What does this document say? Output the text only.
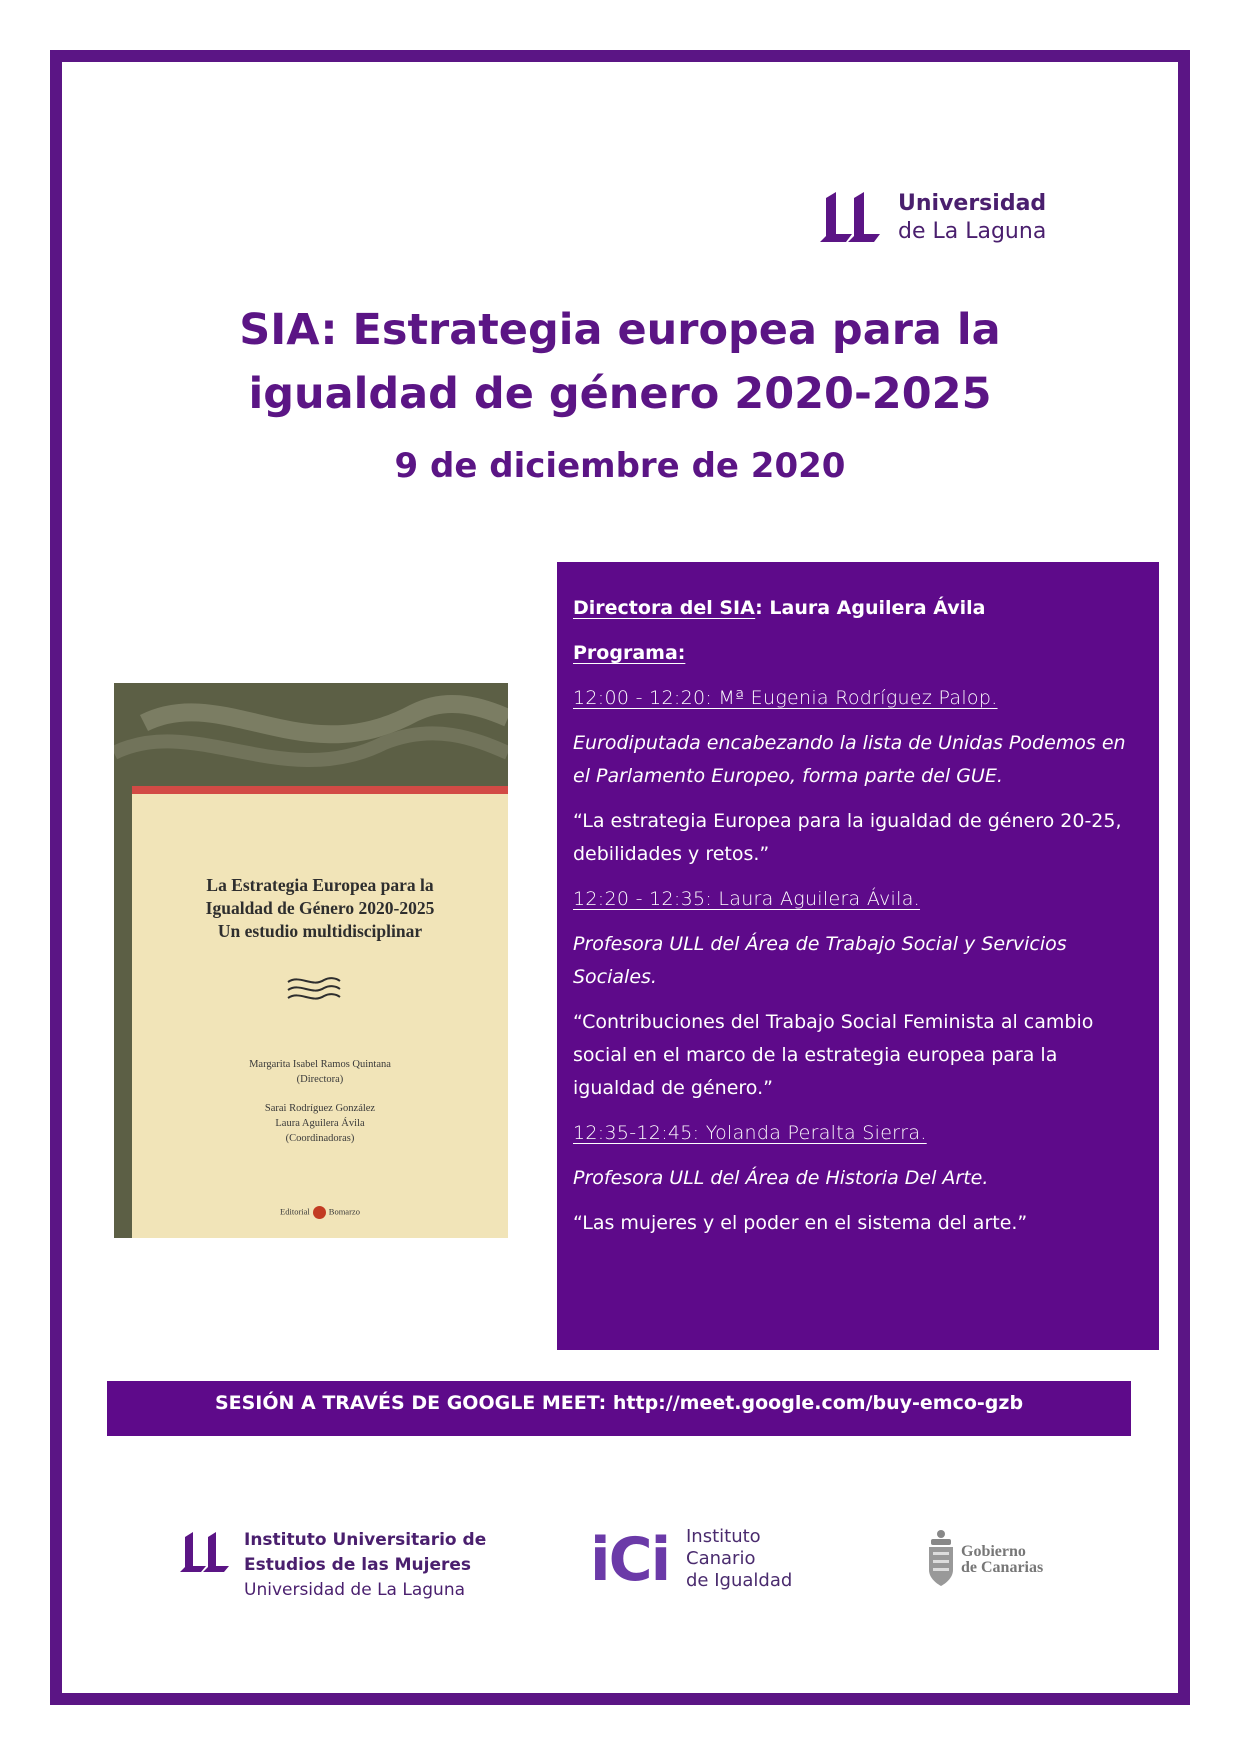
Universidad
de La Laguna
SIA: Estrategia europea para la
igualdad de género 2020-2025
9 de diciembre de 2020
La Estrategia Europea para la
Igualdad de Género 2020-2025
Un estudio multidisciplinar
Margarita Isabel Ramos Quintana
(Directora)
Sarai Rodríguez González
Laura Aguilera Ávila
(Coordinadoras)
Editorial Bomarzo

Directora del SIA: Laura Aguilera Ávila

Programa:

12:00 - 12:20: Mª Eugenia Rodríguez Palop.

Eurodiputada encabezando la lista de Unidas Podemos en el Parlamento Europeo, forma parte del GUE.

“La estrategia Europea para la igualdad de género 20-25, debilidades y retos.”

12:20 - 12:35: Laura Aguilera Ávila.

Profesora ULL del Área de Trabajo Social y Servicios Sociales.

“Contribuciones del Trabajo Social Feminista al cambio social en el marco de la estrategia europea para la igualdad de género.”

12:35-12:45: Yolanda Peralta Sierra.

Profesora ULL del Área de Historia Del Arte.

“Las mujeres y el poder en el sistema del arte.”

SESIÓN A TRAVÉS DE GOOGLE MEET: http://meet.google.com/buy-emco-gzb
Instituto Universitario de
Estudios de las Mujeres
Universidad de La Laguna	iCi Instituto
Canario
de Igualdad
Gobierno
de Canarias
